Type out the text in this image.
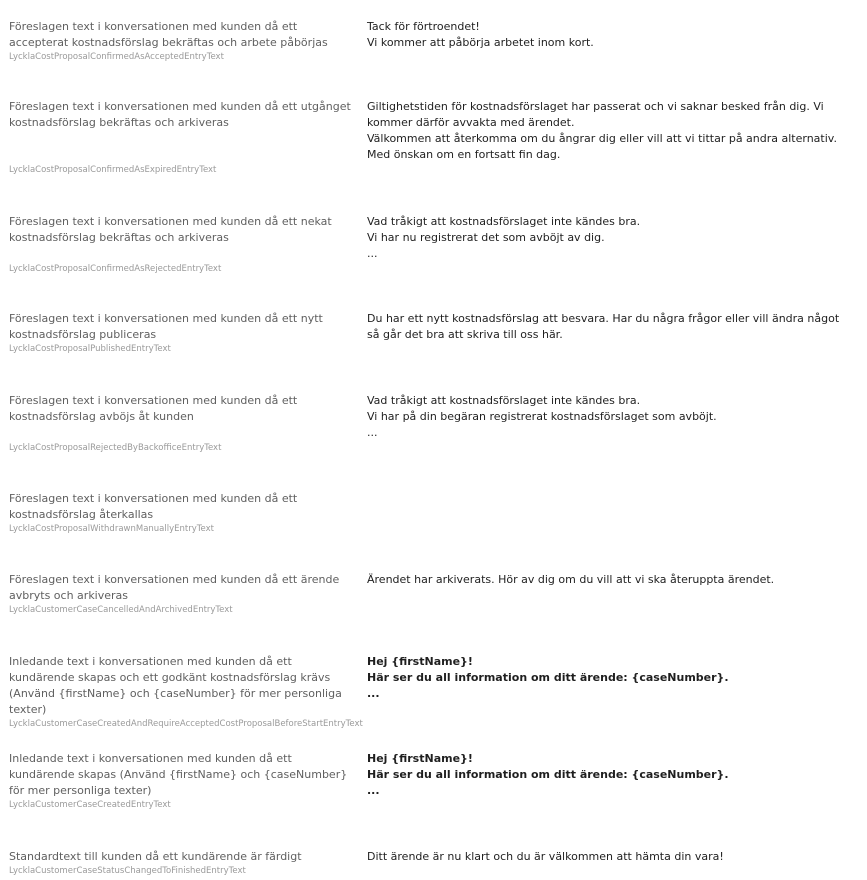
Föreslagen text i konversationen med kunden då ett accepterat kostnadsförslag bekräftas och arbete påbörjas
LycklaCostProposalConfirmedAsAcceptedEntryText
Tack för förtroendet!
Vi kommer att påbörja arbetet inom kort.
Föreslagen text i konversationen med kunden då ett utgånget kostnadsförslag bekräftas och arkiveras
LycklaCostProposalConfirmedAsExpiredEntryText
Giltighetstiden för kostnadsförslaget har passerat och vi saknar besked från dig. Vi kommer därför avvakta med ärendet.
Välkommen att återkomma om du ångrar dig eller vill att vi tittar på andra alternativ. Med önskan om en fortsatt fin dag.
Föreslagen text i konversationen med kunden då ett nekat kostnadsförslag bekräftas och arkiveras
LycklaCostProposalConfirmedAsRejectedEntryText
Vad tråkigt att kostnadsförslaget inte kändes bra.
Vi har nu registrerat det som avböjt av dig.
...
Föreslagen text i konversationen med kunden då ett nytt kostnadsförslag publiceras
LycklaCostProposalPublishedEntryText
Du har ett nytt kostnadsförslag att besvara. Har du några frågor eller vill ändra något så går det bra att skriva till oss här.
Föreslagen text i konversationen med kunden då ett kostnadsförslag avböjs åt kunden
LycklaCostProposalRejectedByBackofficeEntryText
Vad tråkigt att kostnadsförslaget inte kändes bra.
Vi har på din begäran registrerat kostnadsförslaget som avböjt.
...
Föreslagen text i konversationen med kunden då ett kostnadsförslag återkallas
LycklaCostProposalWithdrawnManuallyEntryText
Föreslagen text i konversationen med kunden då ett ärende avbryts och arkiveras
LycklaCustomerCaseCancelledAndArchivedEntryText
Ärendet har arkiverats. Hör av dig om du vill att vi ska återuppta ärendet.
Inledande text i konversationen med kunden då ett kundärende skapas och ett godkänt kostnadsförslag krävs (Använd {firstName} och {caseNumber} för mer personliga texter)
LycklaCustomerCaseCreatedAndRequireAcceptedCostProposalBeforeStartEntryText
Hej {firstName}!
Här ser du all information om ditt ärende: {caseNumber}.
...
Inledande text i konversationen med kunden då ett kundärende skapas (Använd {firstName} och {caseNumber} för mer personliga texter)
LycklaCustomerCaseCreatedEntryText
Hej {firstName}!
Här ser du all information om ditt ärende: {caseNumber}.
...
Standardtext till kunden då ett kundärende är färdigt
LycklaCustomerCaseStatusChangedToFinishedEntryText
Ditt ärende är nu klart och du är välkommen att hämta din vara!
